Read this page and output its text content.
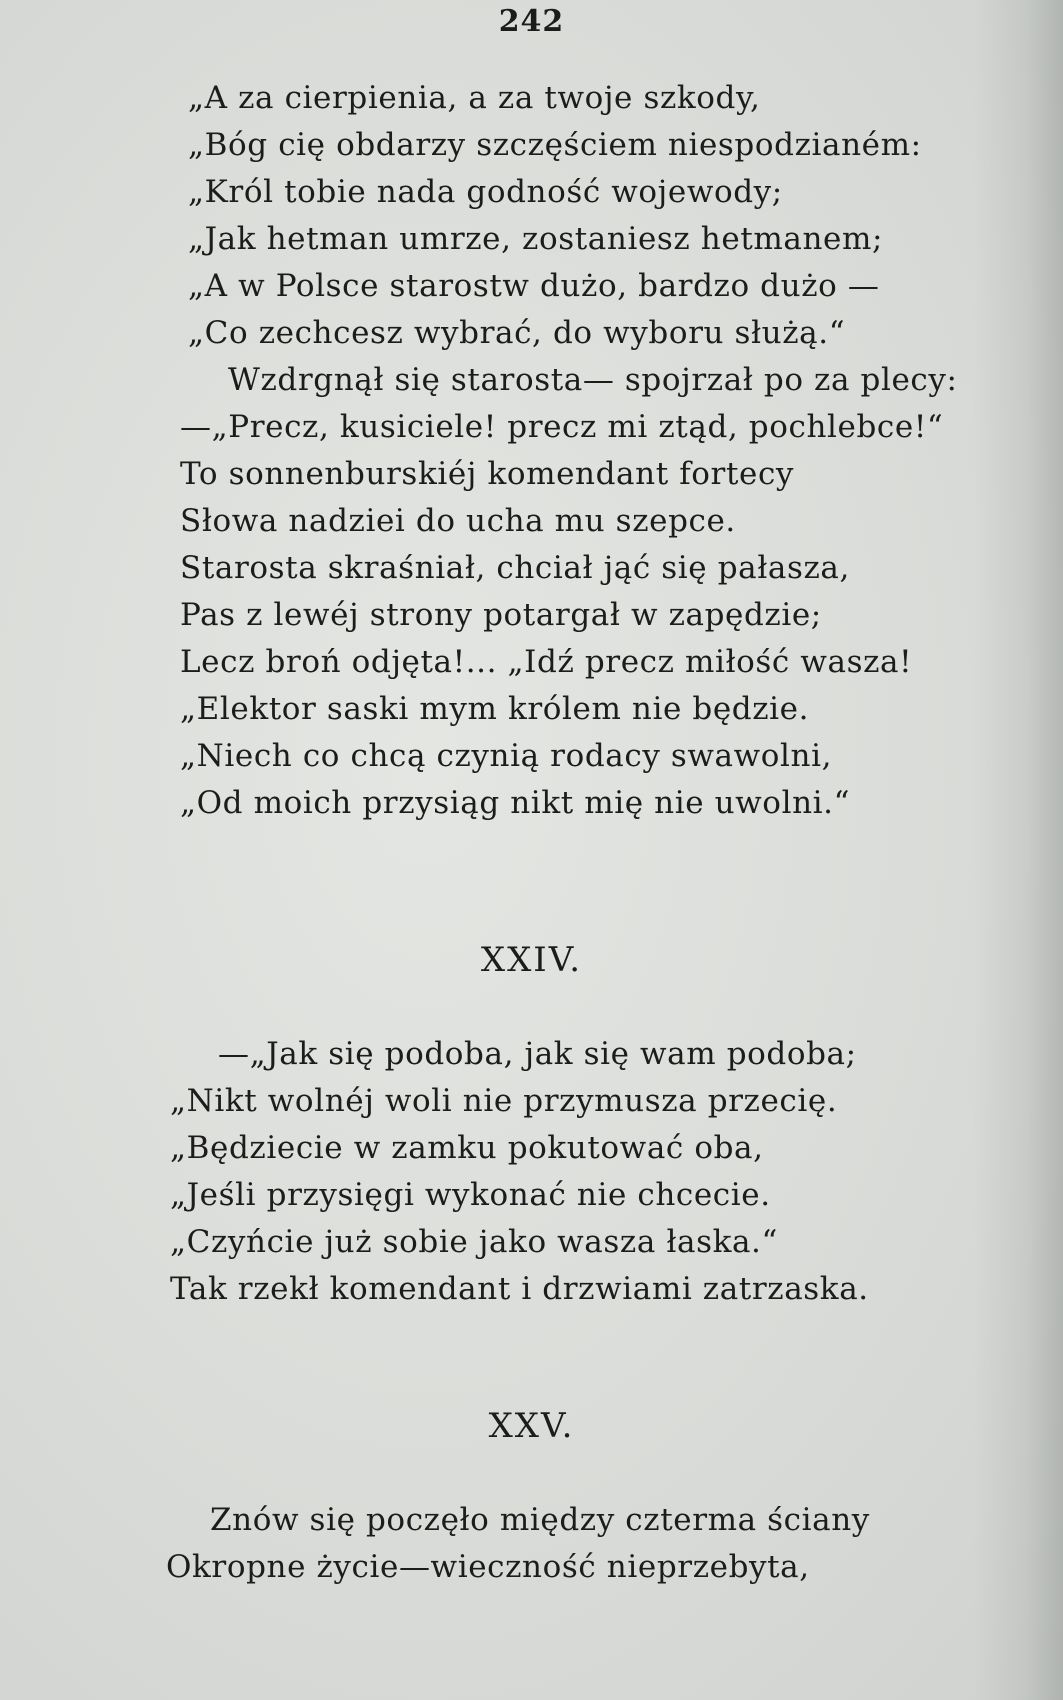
242
„A za cierpienia, a za twoje szkody,
„Bóg cię obdarzy szczęściem niespodzianém:
„Król tobie nada godność wojewody;
„Jak hetman umrze, zostaniesz hetmanem;
„A w Polsce starostw dużo, bardzo dużo —
„Co zechcesz wybrać, do wyboru służą.“
Wzdrgnął się starosta— spojrzał po za plecy:
—„Precz, kusiciele! precz mi ztąd, pochlebce!“
To sonnenburskiéj komendant fortecy
Słowa nadziei do ucha mu szepce.
Starosta skraśniał, chciał jąć się pałasza,
Pas z lewéj strony potargał w zapędzie;
Lecz broń odjęta!... „Idź precz miłość wasza!
„Elektor saski mym królem nie będzie.
„Niech co chcą czynią rodacy swawolni,
„Od moich przysiąg nikt mię nie uwolni.“
XXIV.
—„Jak się podoba, jak się wam podoba;
„Nikt wolnéj woli nie przymusza przecię.
„Będziecie w zamku pokutować oba,
„Jeśli przysięgi wykonać nie chcecie.
„Czyńcie już sobie jako wasza łaska.“
Tak rzekł komendant i drzwiami zatrzaska.
XXV.
Znów się poczęło między czterma ściany
Okropne życie—wieczność nieprzebyta,
